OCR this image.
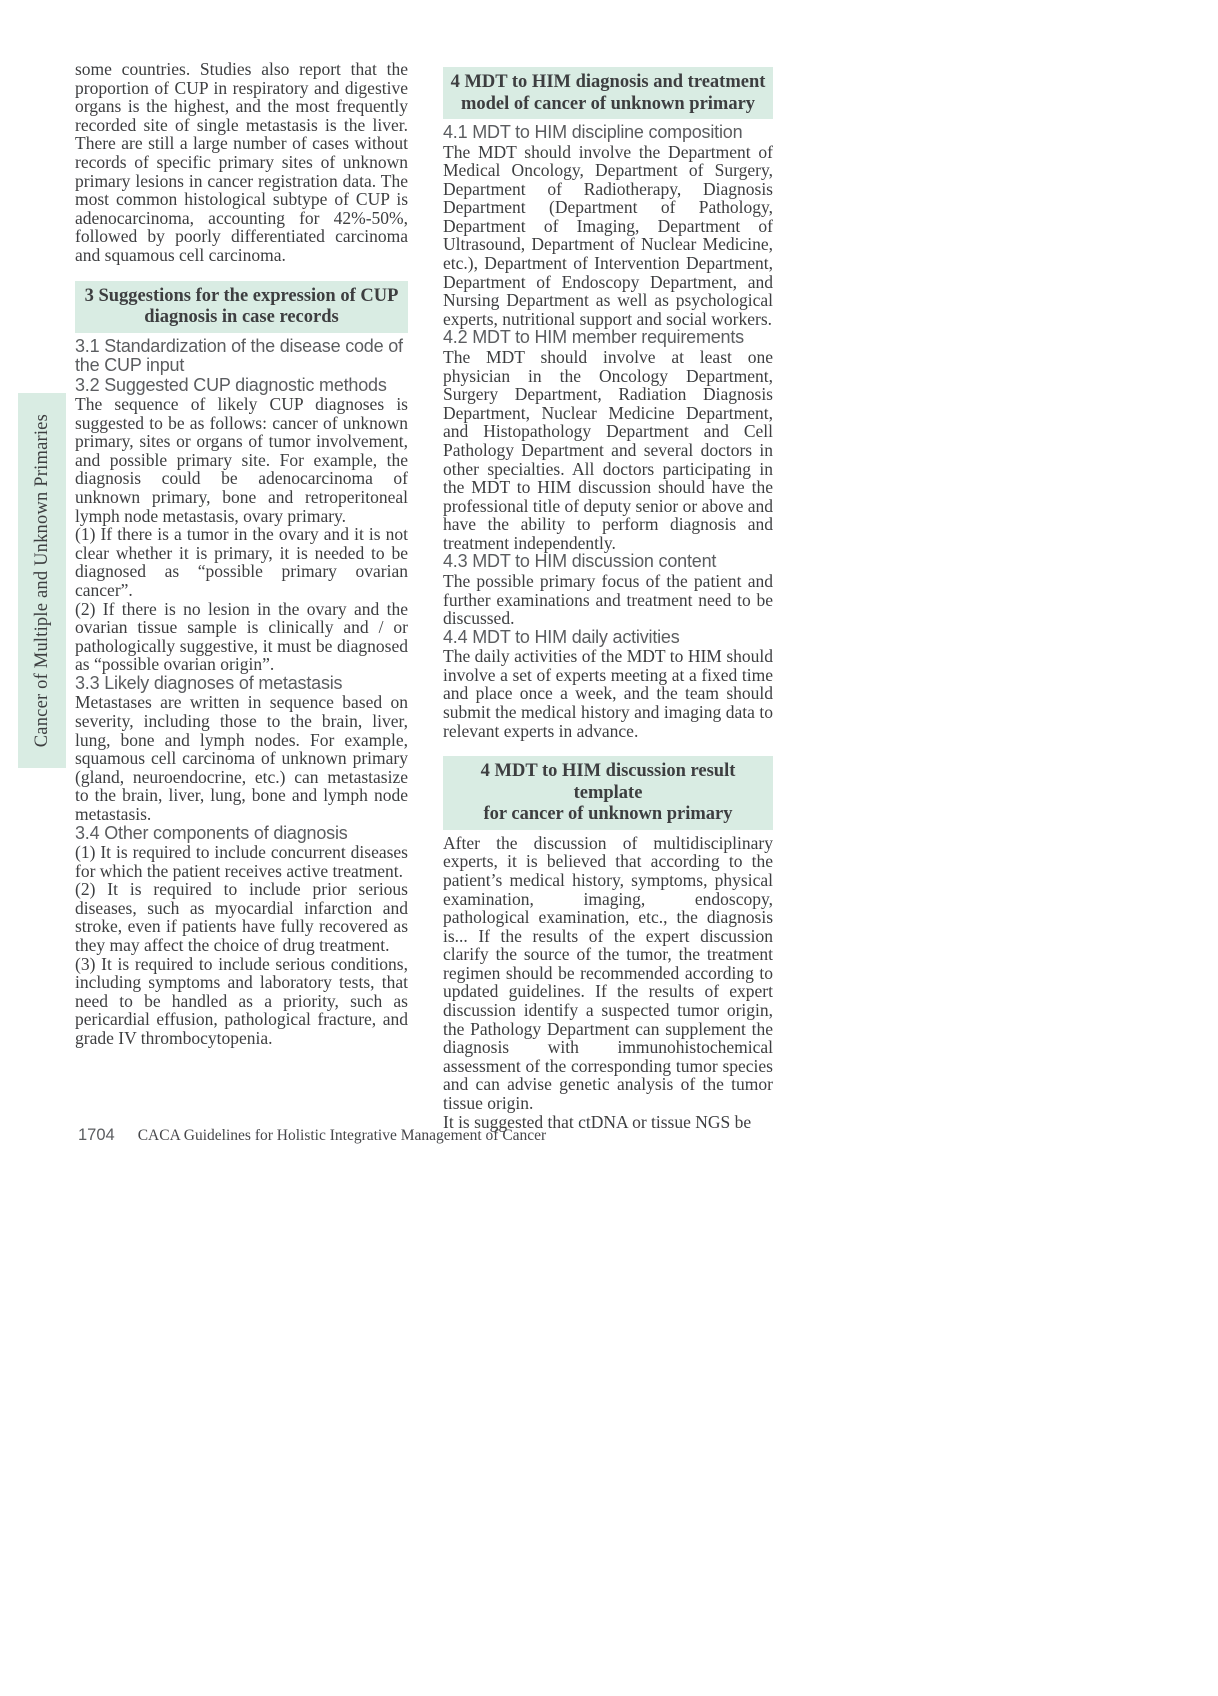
Cancer of Multiple and Unknown Primaries

some countries. Studies also report that the proportion of CUP in respiratory and digestive organs is the highest, and the most frequently recorded site of single metastasis is the liver. There are still a large number of cases without records of specific primary sites of unknown primary lesions in cancer registration data. The most common histological subtype of CUP is adenocarcinoma, accounting for 42%-50%, followed by poorly differentiated carcinoma and squamous cell carcinoma.

3 Suggestions for the expression of CUP
diagnosis in case records

3.1 Standardization of the disease code of the CUP input

3.2 Suggested CUP diagnostic methods

The sequence of likely CUP diagnoses is suggested to be as follows: cancer of unknown primary, sites or organs of tumor involvement, and possible primary site. For example, the diagnosis could be adenocarcinoma of unknown primary, bone and retroperitoneal lymph node metastasis, ovary primary.

(1) If there is a tumor in the ovary and it is not clear whether it is primary, it is needed to be diagnosed as “possible primary ovarian cancer”.

(2) If there is no lesion in the ovary and the ovarian tissue sample is clinically and / or pathologically suggestive, it must be diagnosed as “possible ovarian origin”.

3.3 Likely diagnoses of metastasis

Metastases are written in sequence based on severity, including those to the brain, liver, lung, bone and lymph nodes. For example, squamous cell carcinoma of unknown primary (gland, neuroendocrine, etc.) can metastasize to the brain, liver, lung, bone and lymph node metastasis.

3.4 Other components of diagnosis

(1) It is required to include concurrent diseases for which the patient receives active treatment.

(2) It is required to include prior serious diseases, such as myocardial infarction and stroke, even if patients have fully recovered as they may affect the choice of drug treatment.

(3) It is required to include serious conditions, including symptoms and laboratory tests, that need to be handled as a priority, such as pericardial effusion, pathological fracture, and grade IV thrombocytopenia.

4 MDT to HIM diagnosis and treatment
model of cancer of unknown primary

4.1 MDT to HIM discipline composition

The MDT should involve the Department of Medical Oncology, Department of Surgery, Department of Radiotherapy, Diagnosis Department (Department of Pathology, Department of Imaging, Department of Ultrasound, Department of Nuclear Medicine, etc.), Department of Intervention Department, Department of Endoscopy Department, and Nursing Department as well as psychological experts, nutritional support and social workers.

4.2 MDT to HIM member requirements

The MDT should involve at least one physician in the Oncology Department, Surgery Department, Radiation Diagnosis Department, Nuclear Medicine Department, and Histopathology Department and Cell Pathology Department and several doctors in other specialties. All doctors participating in the MDT to HIM discussion should have the professional title of deputy senior or above and have the ability to perform diagnosis and treatment independently.

4.3 MDT to HIM discussion content

The possible primary focus of the patient and further examinations and treatment need to be discussed.

4.4 MDT to HIM daily activities

The daily activities of the MDT to HIM should involve a set of experts meeting at a fixed time and place once a week, and the team should submit the medical history and imaging data to relevant experts in advance.

4 MDT to HIM discussion result template
for cancer of unknown primary

After the discussion of multidisciplinary experts, it is believed that according to the patient’s medical history, symptoms, physical examination, imaging, endoscopy, pathological examination, etc., the diagnosis is... If the results of the expert discussion clarify the source of the tumor, the treatment regimen should be recommended according to updated guidelines. If the results of expert discussion identify a suspected tumor origin, the Pathology Department can supplement the diagnosis with immunohistochemical assessment of the corresponding tumor species and can advise genetic analysis of the tumor tissue origin.

It is suggested that ctDNA or tissue NGS be

1704 CACA Guidelines for Holistic Integrative Management of Cancer
